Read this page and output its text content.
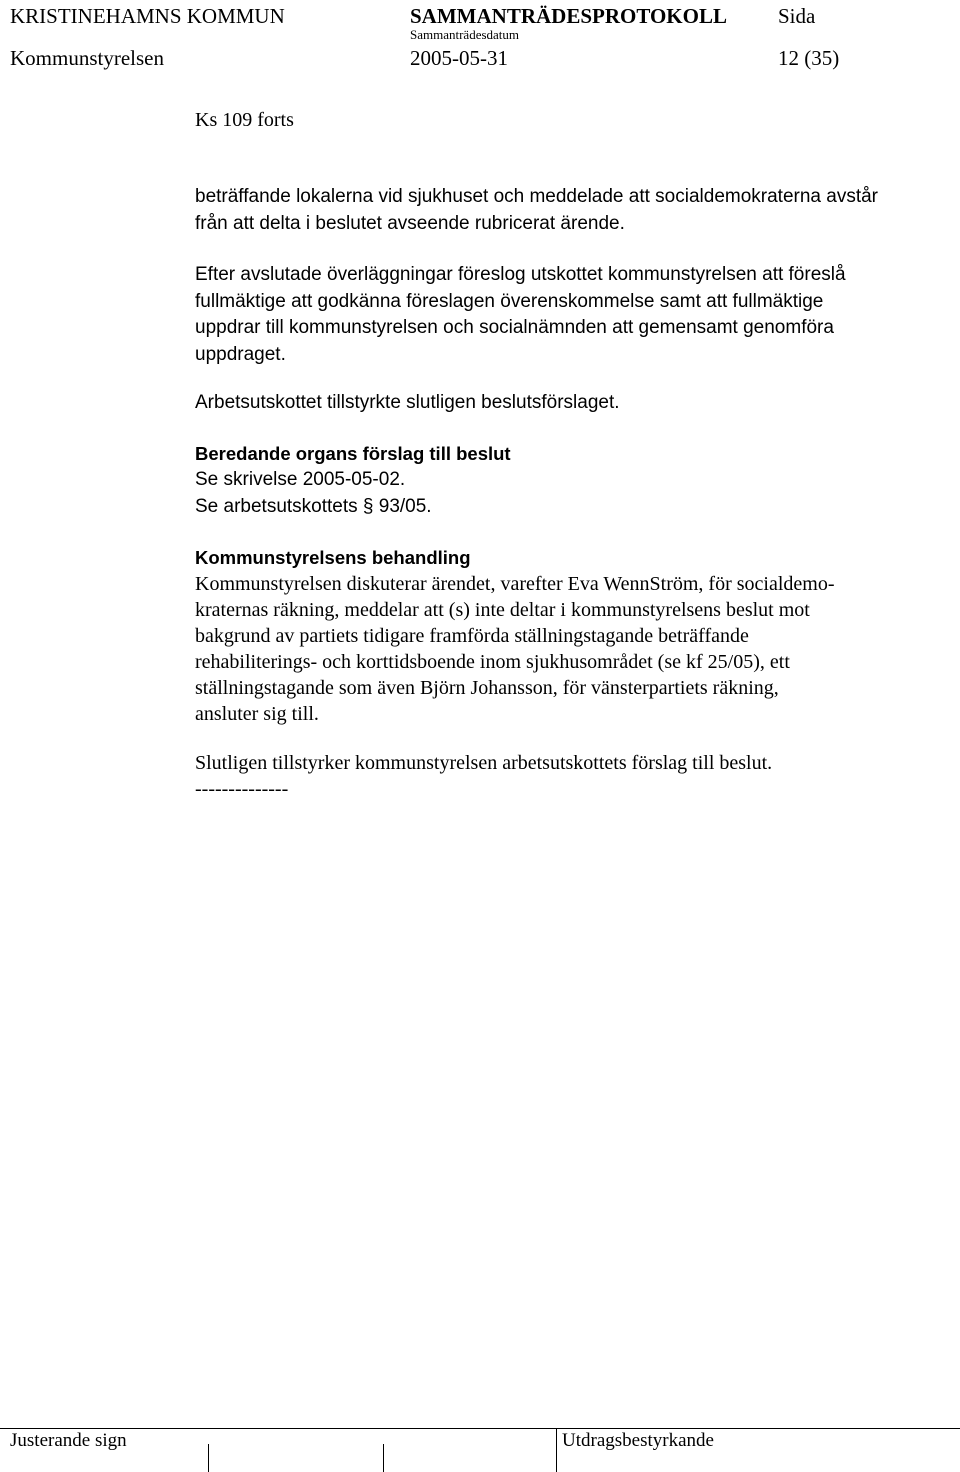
KRISTINEHAMNS KOMMUN	SAMMANTRÄDESPROTOKOLL Sida
Sammanträdesdatum
Kommunstyrelsen	2005-05-31	12 (35)
Ks 109 forts
beträffande lokalerna vid sjukhuset och meddelade att socialdemokraterna avstår
från att delta i beslutet avseende rubricerat ärende.
Efter avslutade överläggningar föreslog utskottet kommunstyrelsen att föreslå
fullmäktige att godkänna föreslagen överenskommelse samt att fullmäktige
uppdrar till kommunstyrelsen och socialnämnden att gemensamt genomföra
uppdraget.
Arbetsutskottet tillstyrkte slutligen beslutsförslaget.
Beredande organs förslag till beslut
Se skrivelse 2005-05-02.
Se arbetsutskottets § 93/05.
Kommunstyrelsens behandling
Kommunstyrelsen diskuterar ärendet, varefter Eva WennStröm, för socialdemo-
kraternas räkning, meddelar att (s) inte deltar i kommunstyrelsens beslut mot
bakgrund av partiets tidigare framförda ställningstagande beträffande
rehabiliterings- och korttidsboende inom sjukhusområdet (se kf 25/05), ett
ställningstagande som även Björn Johansson, för vänsterpartiets räkning,
ansluter sig till.
Slutligen tillstyrker kommunstyrelsen arbetsutskottets förslag till beslut.
--------------
Justerande sign	Utdragsbestyrkande
